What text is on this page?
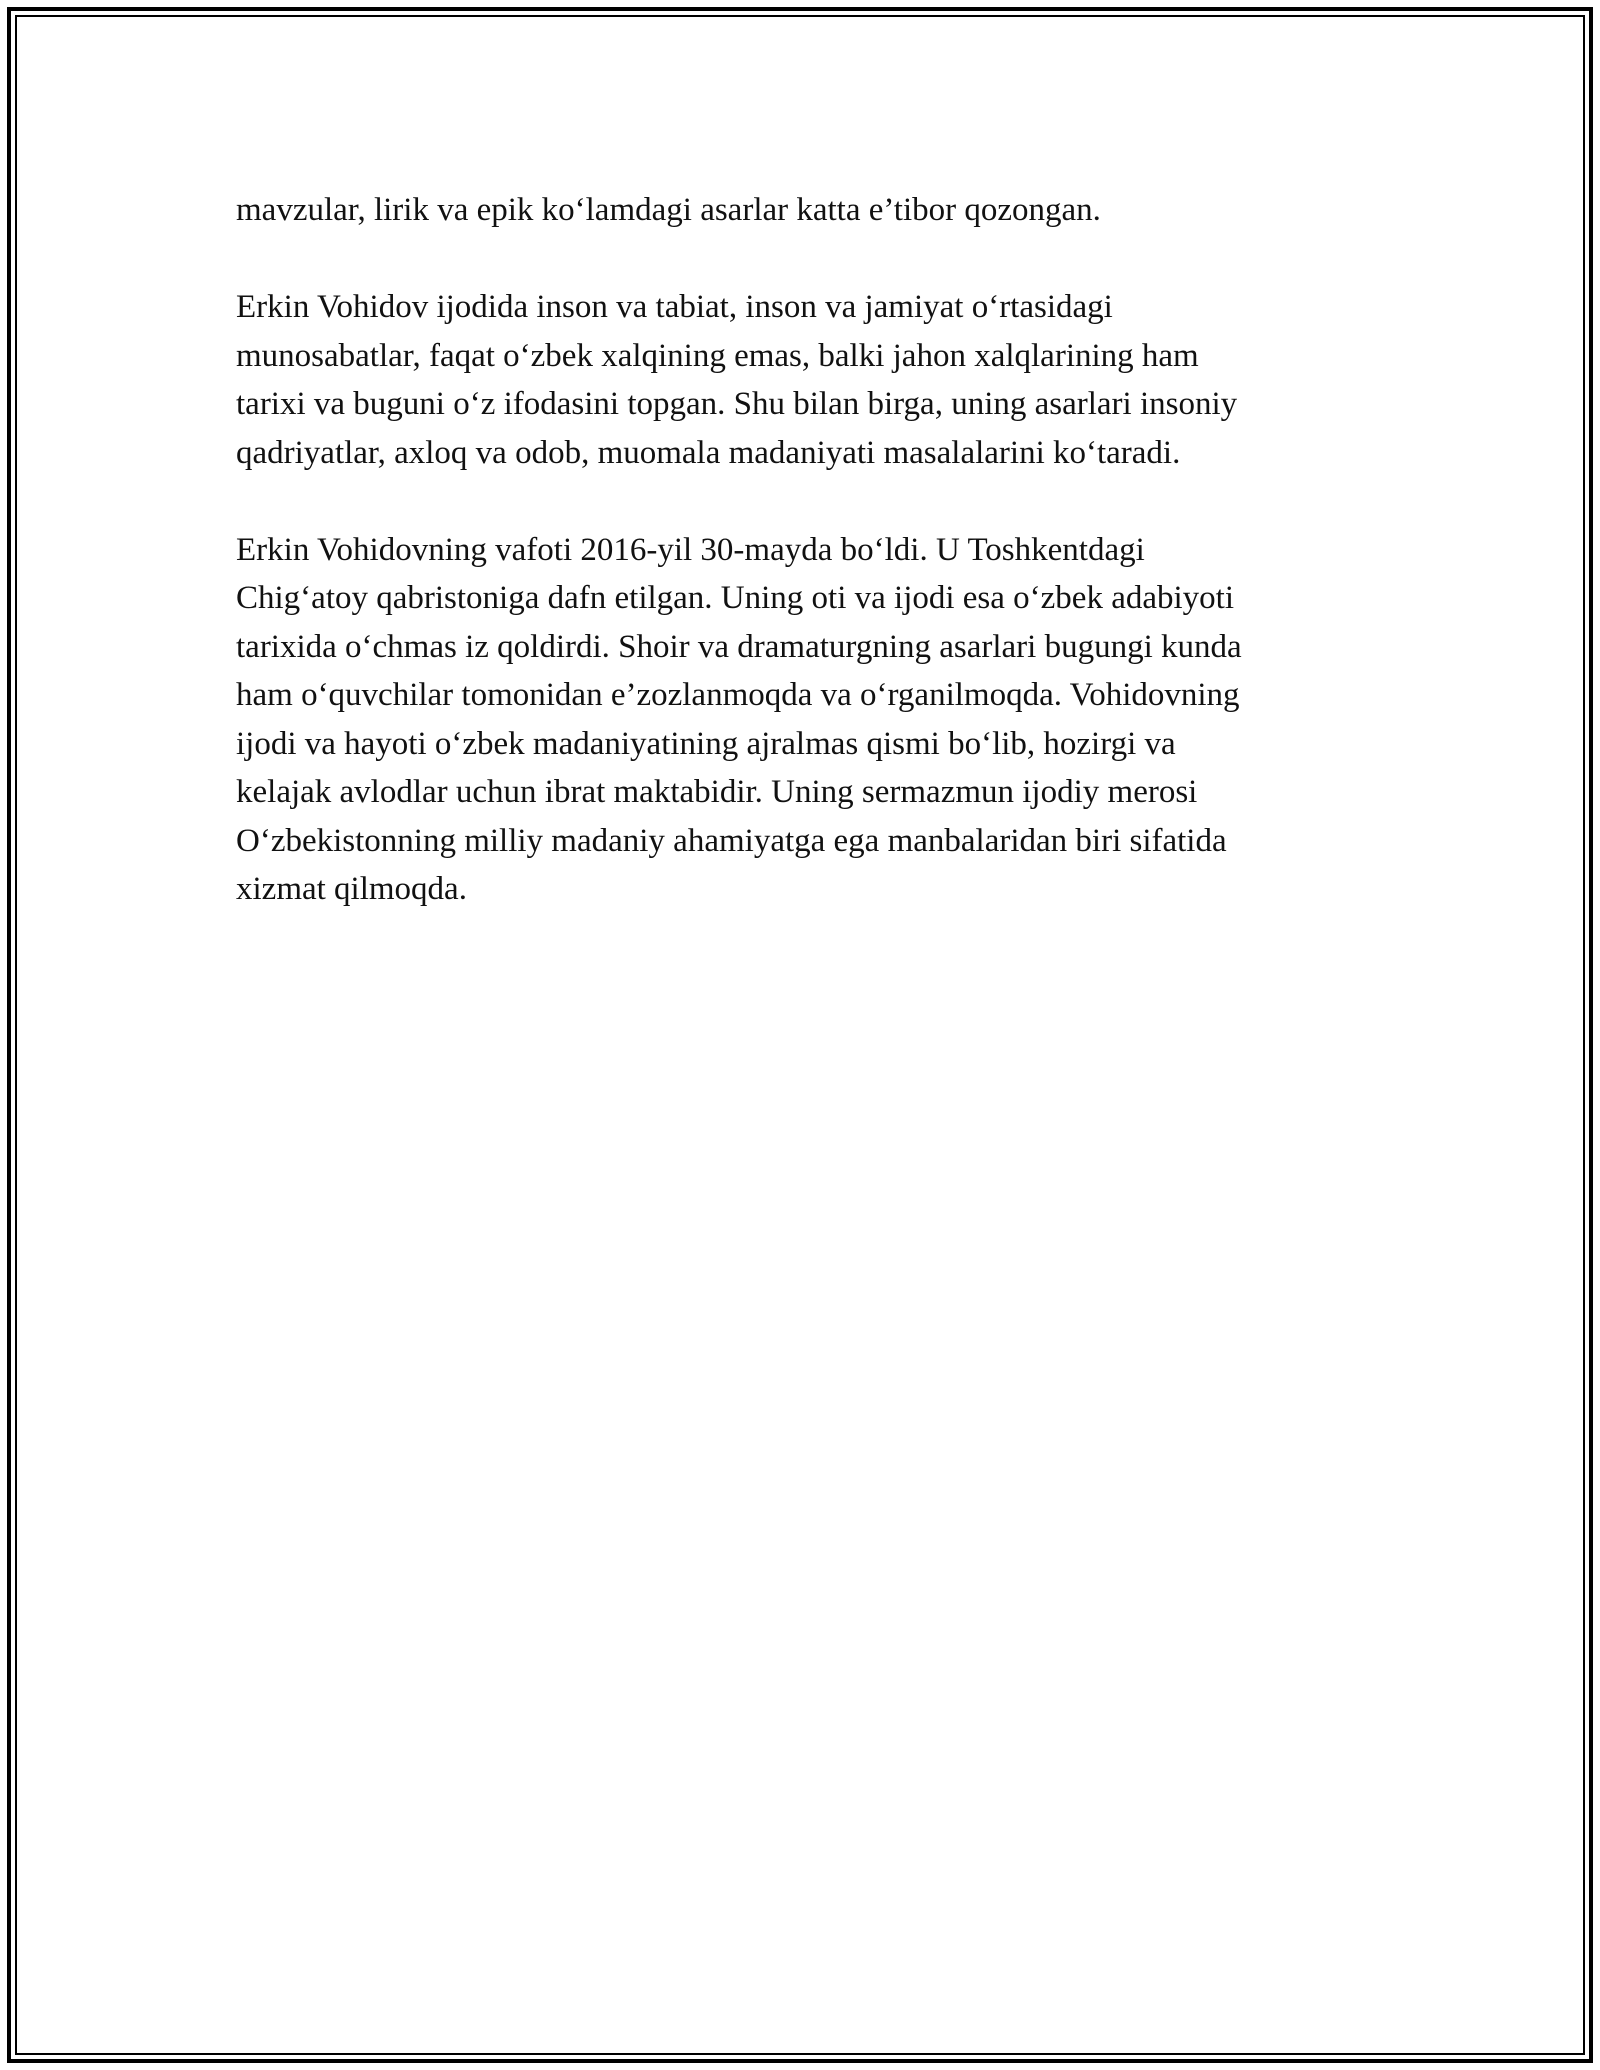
mavzular, lirik va epik koʻlamdagi asarlar katta e’tibor qozongan.

Erkin Vohidov ijodida inson va tabiat, inson va jamiyat oʻrtasidagi
munosabatlar, faqat oʻzbek xalqining emas, balki jahon xalqlarining ham
tarixi va buguni oʻz ifodasini topgan. Shu bilan birga, uning asarlari insoniy
qadriyatlar, axloq va odob, muomala madaniyati masalalarini koʻtaradi.

Erkin Vohidovning vafoti 2016-yil 30-mayda boʻldi. U Toshkentdagi
Chigʻatoy qabristoniga dafn etilgan. Uning oti va ijodi esa oʻzbek adabiyoti
tarixida oʻchmas iz qoldirdi. Shoir va dramaturgning asarlari bugungi kunda
ham oʻquvchilar tomonidan e’zozlanmoqda va oʻrganilmoqda. Vohidovning
ijodi va hayoti oʻzbek madaniyatining ajralmas qismi boʻlib, hozirgi va
kelajak avlodlar uchun ibrat maktabidir. Uning sermazmun ijodiy merosi
Oʻzbekistonning milliy madaniy ahamiyatga ega manbalaridan biri sifatida
xizmat qilmoqda.
